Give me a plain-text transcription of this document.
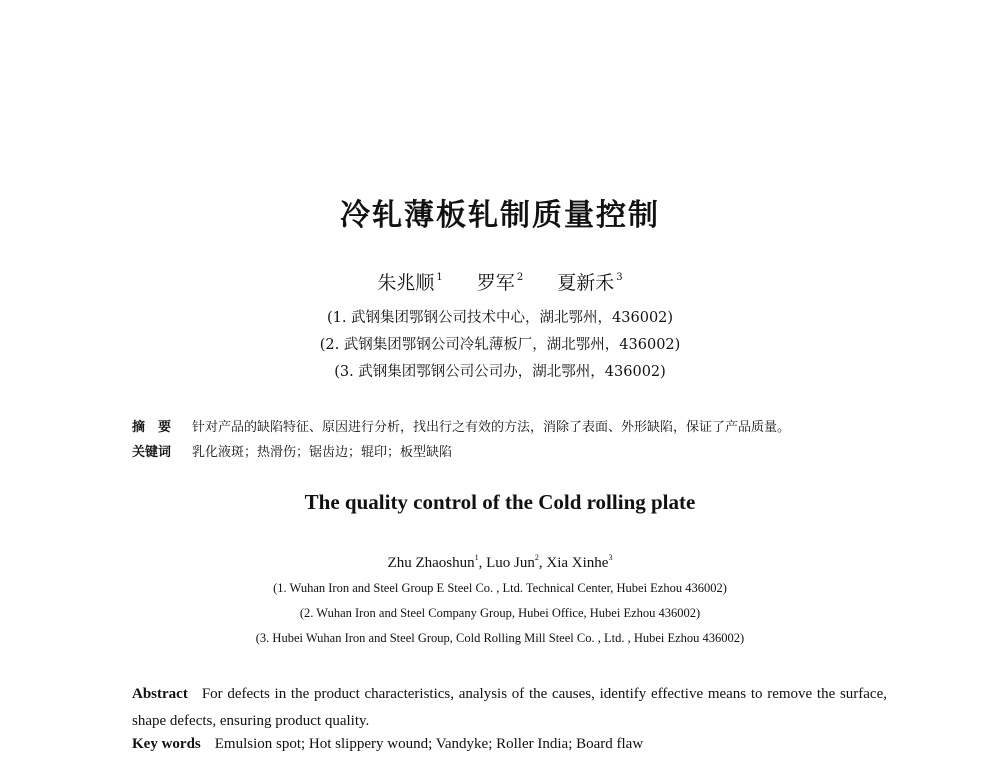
冷轧薄板轧制质量控制
朱兆顺 $^1$ 罗军 $^2$ 夏新禾 $^3$
(1. 武钢集团鄂钢公司技术中心，湖北鄂州，436002)
(2. 武钢集团鄂钢公司冷轧薄板厂，湖北鄂州，436002)
(3. 武钢集团鄂钢公司公司办，湖北鄂州，436002)
摘　要 针对产品的缺陷特征、原因进行分析，找出行之有效的方法，消除了表面、外形缺陷，保证了产品质量。
关键词 乳化液斑；热滑伤；锯齿边；辊印；板型缺陷
The quality control of the Cold rolling plate
Zhu Zhaoshun$^1$, Luo Jun$^2$, Xia Xinhe$^3$
(1. Wuhan Iron and Steel Group E Steel Co. , Ltd. Technical Center, Hubei Ezhou 436002)
(2. Wuhan Iron and Steel Company Group, Hubei Office, Hubei Ezhou 436002)
(3. Hubei Wuhan Iron and Steel Group, Cold Rolling Mill Steel Co. , Ltd. , Hubei Ezhou 436002)
Abstract For defects in the product characteristics, analysis of the causes, identify effective means to remove the surface, shape defects, ensuring product quality.
Key words Emulsion spot; Hot slippery wound; Vandyke; Roller India; Board flaw
